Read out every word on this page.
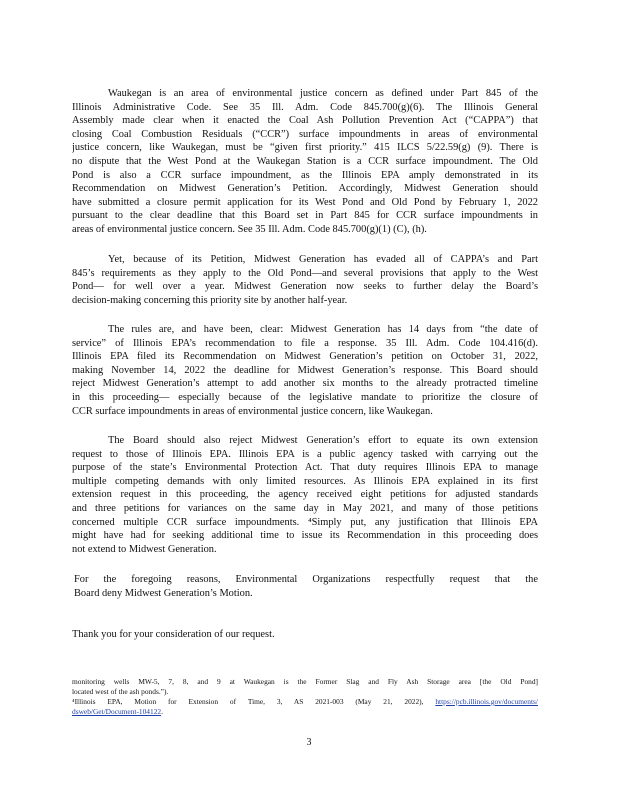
Waukegan is an area of environmental justice concern as defined under Part 845 of the
Illinois Administrative Code. See 35 Ill. Adm. Code 845.700(g)(6). The Illinois General
Assembly made clear when it enacted the Coal Ash Pollution Prevention Act (“CAPPA”) that
closing Coal Combustion Residuals (“CCR”) surface impoundments in areas of environmental
justice concern, like Waukegan, must be “given first priority.” 415 ILCS 5/22.59(g) (9). There is
no dispute that the West Pond at the Waukegan Station is a CCR surface impoundment. The Old
Pond is also a CCR surface impoundment, as the Illinois EPA amply demonstrated in its
Recommendation on Midwest Generation’s Petition. Accordingly, Midwest Generation should
have submitted a closure permit application for its West Pond and Old Pond by February 1, 2022
pursuant to the clear deadline that this Board set in Part 845 for CCR surface impoundments in
areas of environmental justice concern. See 35 Ill. Adm. Code 845.700(g)(1) (C), (h).

Yet, because of its Petition, Midwest Generation has evaded all of CAPPA’s and Part
845’s requirements as they apply to the Old Pond—and several provisions that apply to the West
Pond— for well over a year. Midwest Generation now seeks to further delay the Board’s
decision-making concerning this priority site by another half-year.

The rules are, and have been, clear: Midwest Generation has 14 days from “the date of
service” of Illinois EPA’s recommendation to file a response. 35 Ill. Adm. Code 104.416(d).
Illinois EPA filed its Recommendation on Midwest Generation’s petition on October 31, 2022,
making November 14, 2022 the deadline for Midwest Generation’s response. This Board should
reject Midwest Generation’s attempt to add another six months to the already protracted timeline
in this proceeding— especially because of the legislative mandate to prioritize the closure of
CCR surface impoundments in areas of environmental justice concern, like Waukegan.

The Board should also reject Midwest Generation’s effort to equate its own extension
request to those of Illinois EPA. Illinois EPA is a public agency tasked with carrying out the
purpose of the state’s Environmental Protection Act. That duty requires Illinois EPA to manage
multiple competing demands with only limited resources. As Illinois EPA explained in its first
extension request in this proceeding, the agency received eight petitions for adjusted standards
and three petitions for variances on the same day in May 2021, and many of those petitions
concerned multiple CCR surface impoundments. ⁴Simply put, any justification that Illinois EPA
might have had for seeking additional time to issue its Recommendation in this proceeding does
not extend to Midwest Generation.

For the foregoing reasons, Environmental Organizations respectfully request that the
Board deny Midwest Generation’s Motion.

Thank you for your consideration of our request.

monitoring wells MW-5, 7, 8, and 9 at Waukegan is the Former Slag and Fly Ash Storage area [the Old Pond]
located west of the ash ponds.”).
⁴Illinois EPA, Motion for Extension of Time, 3, AS 2021-003 (May 21, 2022), https://pcb.illinois.gov/documents/
dsweb/Get/Document-104122.
3
